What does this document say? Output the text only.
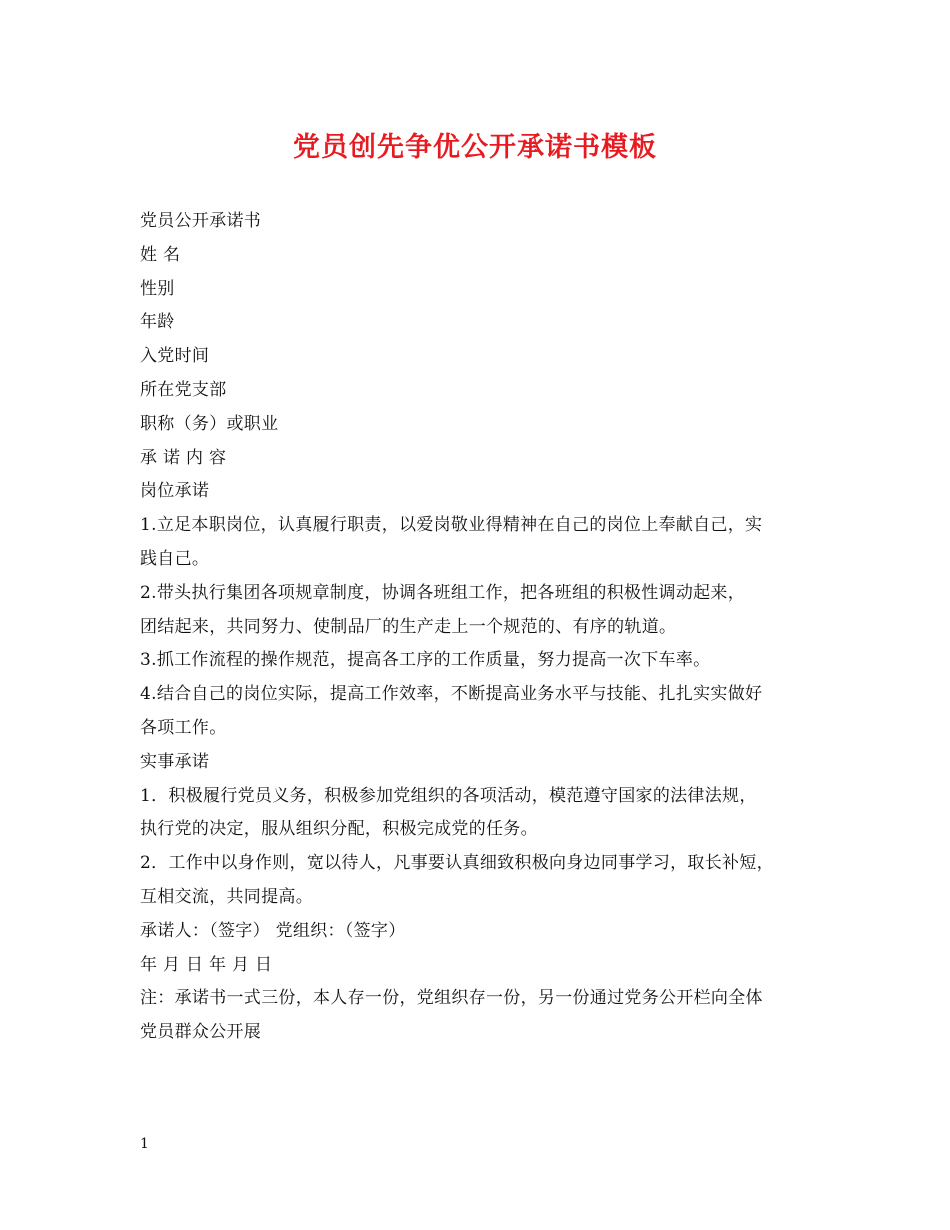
党员创先争优公开承诺书模板
党员公开承诺书
姓 名
性别
年龄
入党时间
所在党支部
职称（务）或职业
承 诺 内 容
岗位承诺
1.立足本职岗位，认真履行职责，以爱岗敬业得精神在自己的岗位上奉献自己，实
践自己。
2.带头执行集团各项规章制度，协调各班组工作，把各班组的积极性调动起来，
团结起来，共同努力、使制品厂的生产走上一个规范的、有序的轨道。
3.抓工作流程的操作规范，提高各工序的工作质量，努力提高一次下车率。
4.结合自己的岗位实际，提高工作效率，不断提高业务水平与技能、扎扎实实做好
各项工作。
实事承诺
1．积极履行党员义务，积极参加党组织的各项活动，模范遵守国家的法律法规，
执行党的决定，服从组织分配，积极完成党的任务。
2．工作中以身作则，宽以待人，凡事要认真细致积极向身边同事学习，取长补短，
互相交流，共同提高。
承诺人：（签字） 党组织：（签字）
年 月 日 年 月 日
注：承诺书一式三份，本人存一份，党组织存一份，另一份通过党务公开栏向全体
党员群众公开展
1
